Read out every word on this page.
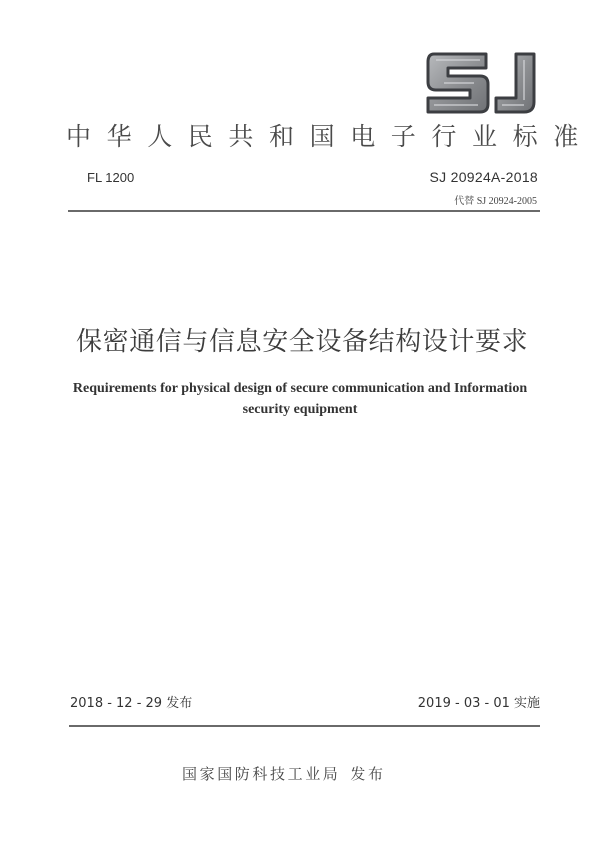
中华人民共和国电子行业标准
FL 1200	SJ 20924A-2018
代替 SJ 20924-2005
保密通信与信息安全设备结构设计要求
Requirements for physical design of secure communication and Information
security equipment
2018 - 12 - 29 发布	2019 - 03 - 01 实施
国家国防科技工业局 发布
